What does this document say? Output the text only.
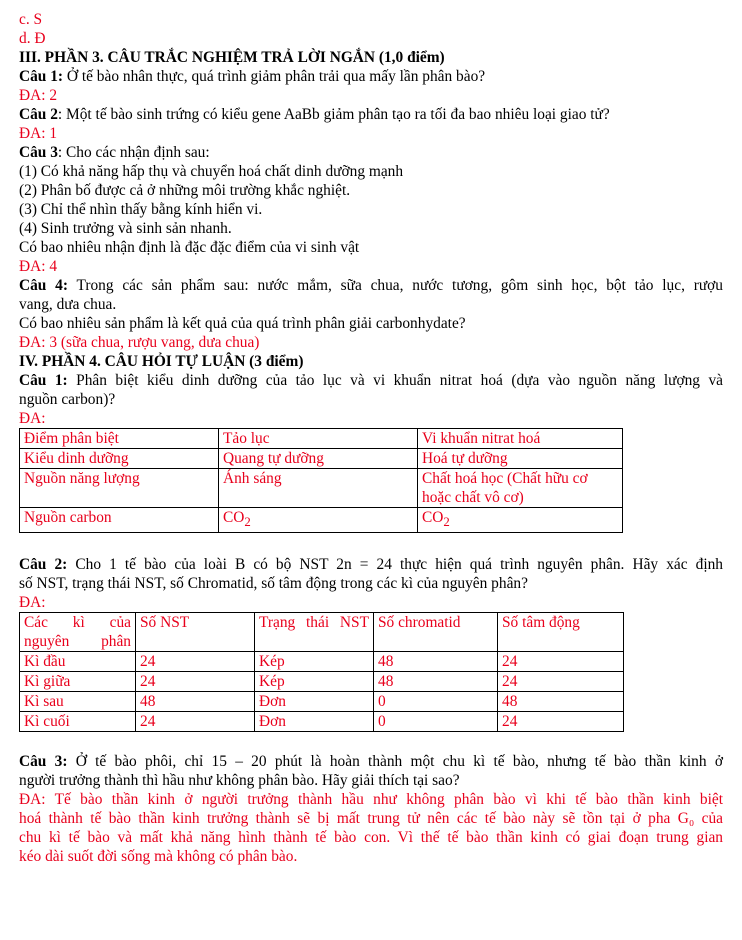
c. S

d. Đ

III. PHẦN 3. CÂU TRẮC NGHIỆM TRẢ LỜI NGẮN (1,0 điểm)

Câu 1: Ở tế bào nhân thực, quá trình giảm phân trải qua mấy lần phân bào?

ĐA: 2

Câu 2: Một tế bào sinh trứng có kiểu gene AaBb giảm phân tạo ra tối đa bao nhiêu loại giao tử?

ĐA: 1

Câu 3: Cho các nhận định sau:

(1) Có khả năng hấp thụ và chuyển hoá chất dinh dưỡng mạnh

(2) Phân bố được cả ở những môi trường khắc nghiệt.

(3) Chỉ thể nhìn thấy bằng kính hiển vi.

(4) Sinh trưởng và sinh sản nhanh.

Có bao nhiêu nhận định là đặc đặc điểm của vi sinh vật

ĐA: 4

Câu 4: Trong các sản phẩm sau: nước mắm, sữa chua, nước tương, gôm sinh học, bột tảo lục, rượu

vang, dưa chua.

Có bao nhiêu sản phẩm là kết quả của quá trình phân giải carbonhydate?

ĐA: 3 (sữa chua, rượu vang, dưa chua)

IV. PHẦN 4. CÂU HỎI TỰ LUẬN (3 điểm)

Câu 1: Phân biệt kiểu dinh dưỡng của tảo lục và vi khuẩn nitrat hoá (dựa vào nguồn năng lượng và

nguồn carbon)?

ĐA:

Điểm phân biệt	Tảo lục	Vi khuẩn nitrat hoá
Kiểu dinh dưỡng	Quang tự dưỡng	Hoá tự dưỡng
Nguồn năng lượng	Ánh sáng	Chất hoá học (Chất hữu cơ hoặc chất vô cơ)
Nguồn carbon	$CO_2$	$CO_2$

Câu 2: Cho 1 tế bào của loài B có bộ NST 2n = 24 thực hiện quá trình nguyên phân. Hãy xác định

số NST, trạng thái NST, số Chromatid, số tâm động trong các kì của nguyên phân?

ĐA:

Các kì của nguyên phân	Số NST	Trạng thái NST	Số chromatid	Số tâm động
Kì đầu	24	Kép	48	24
Kì giữa	24	Kép	48	24
Kì sau	48	Đơn	0	48
Kì cuối	24	Đơn	0	24

Câu 3: Ở tế bào phôi, chỉ 15 – 20 phút là hoàn thành một chu kì tế bào, nhưng tế bào thần kinh ở

người trưởng thành thì hầu như không phân bào. Hãy giải thích tại sao?

ĐA: Tế bào thần kinh ở người trưởng thành hầu như không phân bào vì khi tế bào thần kinh biệt

hoá thành tế bào thần kinh trưởng thành sẽ bị mất trung tử nên các tế bào này sẽ tồn tại ở pha G₀ của

chu kì tế bào và mất khả năng hình thành tế bào con. Vì thế tế bào thần kinh có giai đoạn trung gian

kéo dài suốt đời sống mà không có phân bào.
